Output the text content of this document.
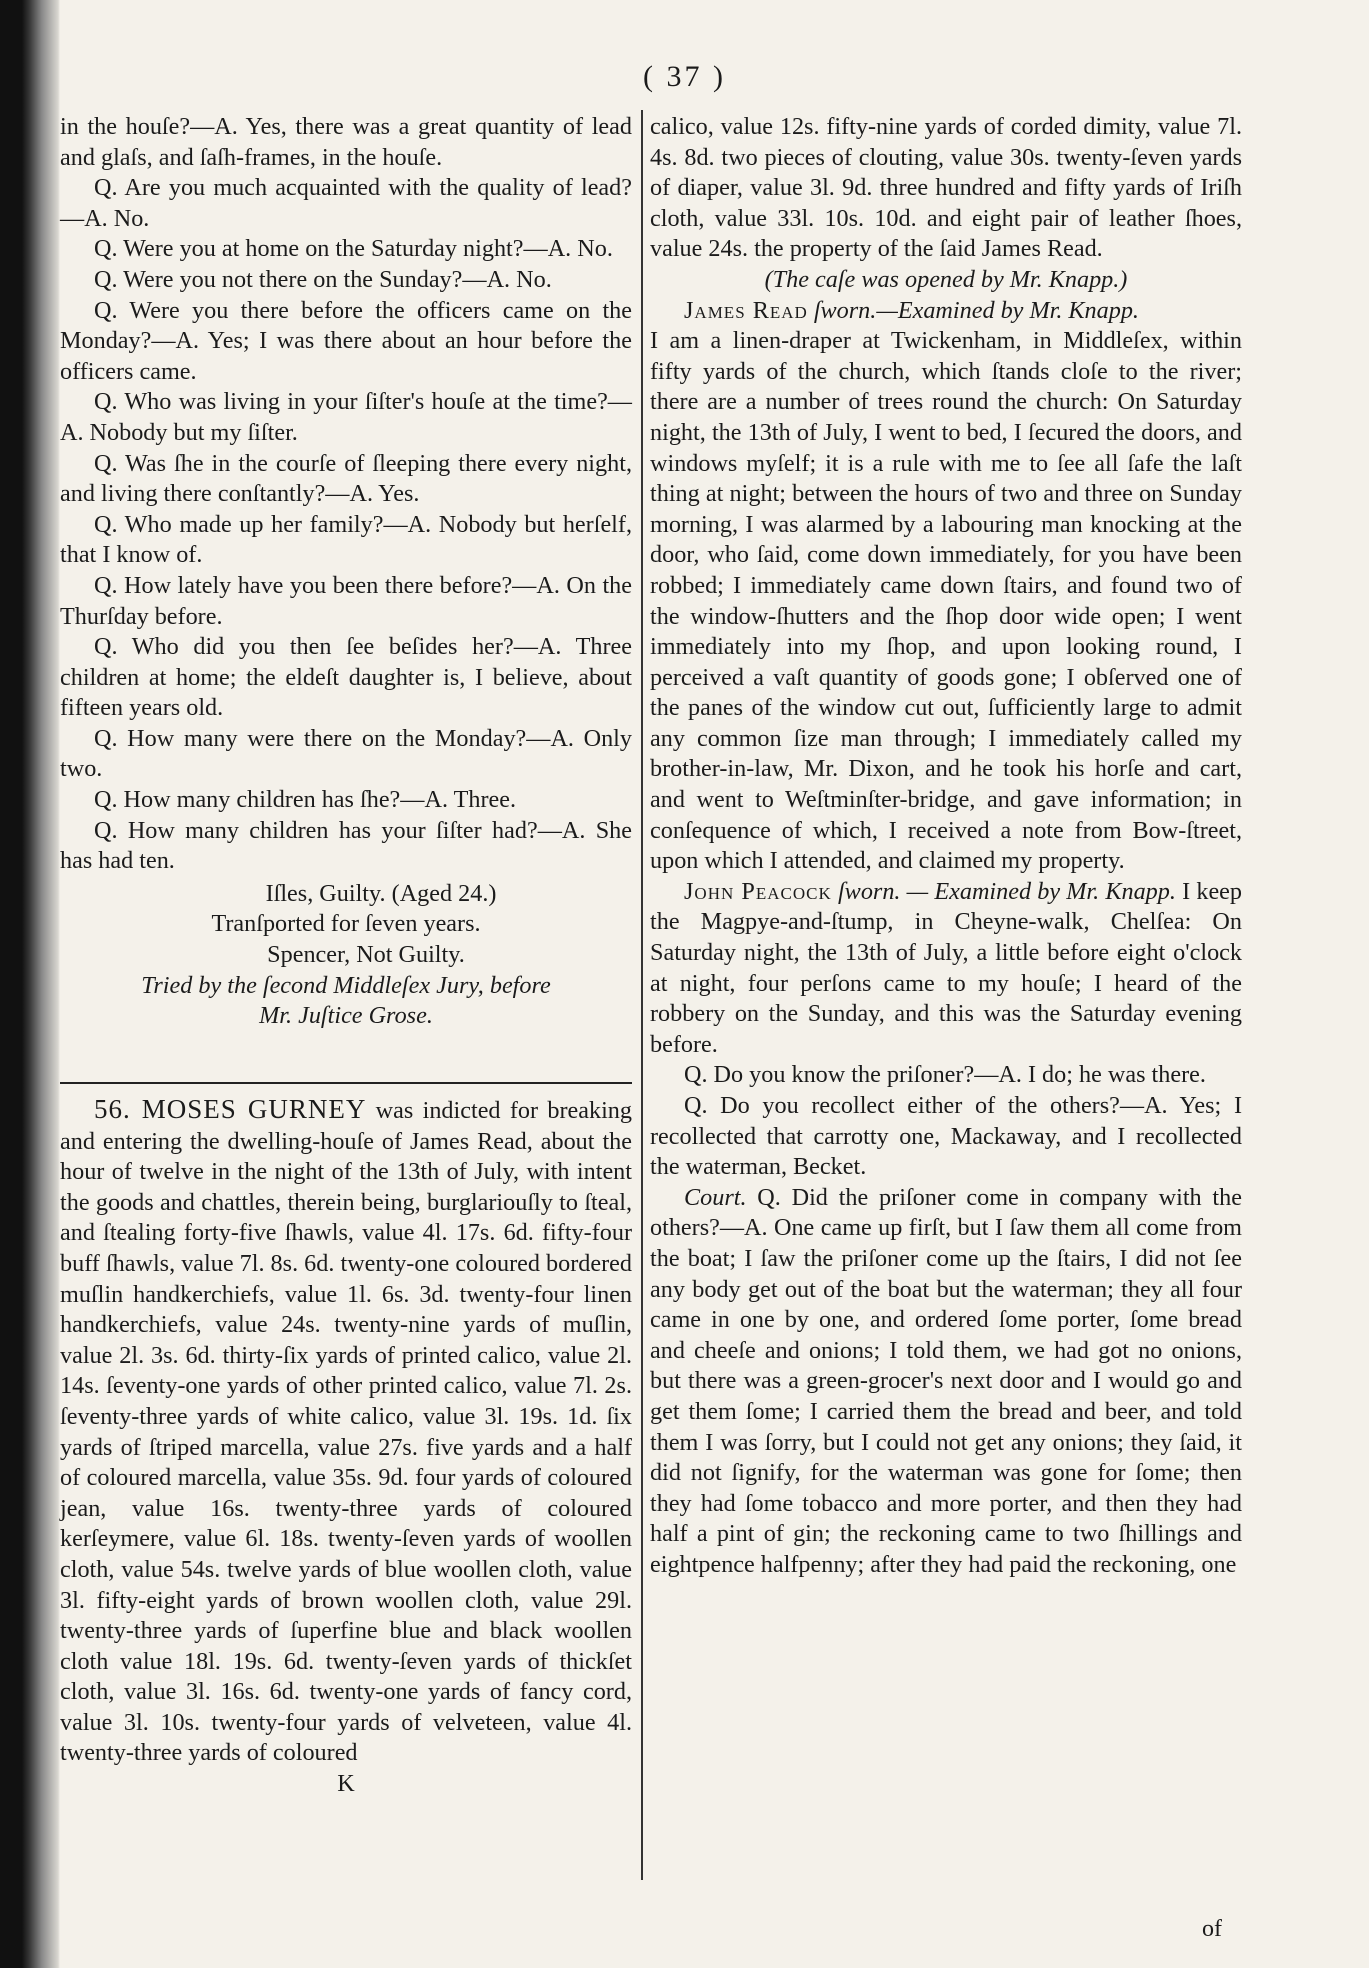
( 37 )

in the houſe?—A. Yes, there was a great quantity of lead and glaſs, and ſaſh-frames, in the houſe.

Q. Are you much acquainted with the quality of lead?—A. No.

Q. Were you at home on the Saturday night?—A. No.

Q. Were you not there on the Sunday?—A. No.

Q. Were you there before the officers came on the Monday?—A. Yes; I was there about an hour before the officers came.

Q. Who was living in your ſiſter's houſe at the time?—A. Nobody but my ſiſter.

Q. Was ſhe in the courſe of ſleeping there every night, and living there conſtantly?—A. Yes.

Q. Who made up her family?—A. Nobody but herſelf, that I know of.

Q. How lately have you been there before?—A. On the Thurſday before.

Q. Who did you then ſee beſides her?—A. Three children at home; the eldeſt daughter is, I believe, about fifteen years old.

Q. How many were there on the Monday?—A. Only two.

Q. How many children has ſhe?—A. Three.

Q. How many children has your ſiſter had?—A. She has had ten.

Iſles, Guilty. (Aged 24.)

Tranſported for ſeven years.

Spencer, Not Guilty.

Tried by the ſecond Middleſex Jury, before

Mr. Juſtice Grose.

56. MOSES GURNEY was indicted for breaking and entering the dwelling-houſe of James Read, about the hour of twelve in the night of the 13th of July, with intent the goods and chattles, therein being, burglariouſly to ſteal, and ſtealing forty-five ſhawls, value 4l. 17s. 6d. fifty-four buff ſhawls, value 7l. 8s. 6d. twenty-one coloured bordered muſlin handkerchiefs, value 1l. 6s. 3d. twenty-four linen handkerchiefs, value 24s. twenty-nine yards of muſlin, value 2l. 3s. 6d. thirty-ſix yards of printed calico, value 2l. 14s. ſeventy-one yards of other printed calico, value 7l. 2s. ſeventy-three yards of white calico, value 3l. 19s. 1d. ſix yards of ſtriped marcella, value 27s. five yards and a half of coloured marcella, value 35s. 9d. four yards of coloured jean, value 16s. twenty-three yards of coloured kerſeymere, value 6l. 18s. twenty-ſeven yards of woollen cloth, value 54s. twelve yards of blue woollen cloth, value 3l. fifty-eight yards of brown woollen cloth, value 29l. twenty-three yards of ſuperfine blue and black woollen cloth value 18l. 19s. 6d. twenty-ſeven yards of thickſet cloth, value 3l. 16s. 6d. twenty-one yards of fancy cord, value 3l. 10s. twenty-four yards of velveteen, value 4l. twenty-three yards of coloured

K

calico, value 12s. fifty-nine yards of corded dimity, value 7l. 4s. 8d. two pieces of clouting, value 30s. twenty-ſeven yards of diaper, value 3l. 9d. three hundred and fifty yards of Iriſh cloth, value 33l. 10s. 10d. and eight pair of leather ſhoes, value 24s. the property of the ſaid James Read.

(The caſe was opened by Mr. Knapp.)

James Read ſworn.—Examined by Mr. Knapp.

I am a linen-draper at Twickenham, in Middleſex, within fifty yards of the church, which ſtands cloſe to the river; there are a number of trees round the church: On Saturday night, the 13th of July, I went to bed, I ſecured the doors, and windows myſelf; it is a rule with me to ſee all ſafe the laſt thing at night; between the hours of two and three on Sunday morning, I was alarmed by a labouring man knocking at the door, who ſaid, come down immediately, for you have been robbed; I immediately came down ſtairs, and found two of the window-ſhutters and the ſhop door wide open; I went immediately into my ſhop, and upon looking round, I perceived a vaſt quantity of goods gone; I obſerved one of the panes of the window cut out, ſufficiently large to admit any common ſize man through; I immediately called my brother-in-law, Mr. Dixon, and he took his horſe and cart, and went to Weſtminſter-bridge, and gave information; in conſequence of which, I received a note from Bow-ſtreet, upon which I attended, and claimed my property.

John Peacock ſworn. — Examined by Mr. Knapp. I keep the Magpye-and-ſtump, in Cheyne-walk, Chelſea: On Saturday night, the 13th of July, a little before eight o'clock at night, four perſons came to my houſe; I heard of the robbery on the Sunday, and this was the Saturday evening before.

Q. Do you know the priſoner?—A. I do; he was there.

Q. Do you recollect either of the others?—A. Yes; I recollected that carrotty one, Mackaway, and I recollected the waterman, Becket.

Court. Q. Did the priſoner come in company with the others?—A. One came up firſt, but I ſaw them all come from the boat; I ſaw the priſoner come up the ſtairs, I did not ſee any body get out of the boat but the waterman; they all four came in one by one, and ordered ſome porter, ſome bread and cheeſe and onions; I told them, we had got no onions, but there was a green-grocer's next door and I would go and get them ſome; I carried them the bread and beer, and told them I was ſorry, but I could not get any onions; they ſaid, it did not ſignify, for the waterman was gone for ſome; then they had ſome tobacco and more porter, and then they had half a pint of gin; the reckoning came to two ſhillings and eightpence halfpenny; after they had paid the reckoning, one

of
